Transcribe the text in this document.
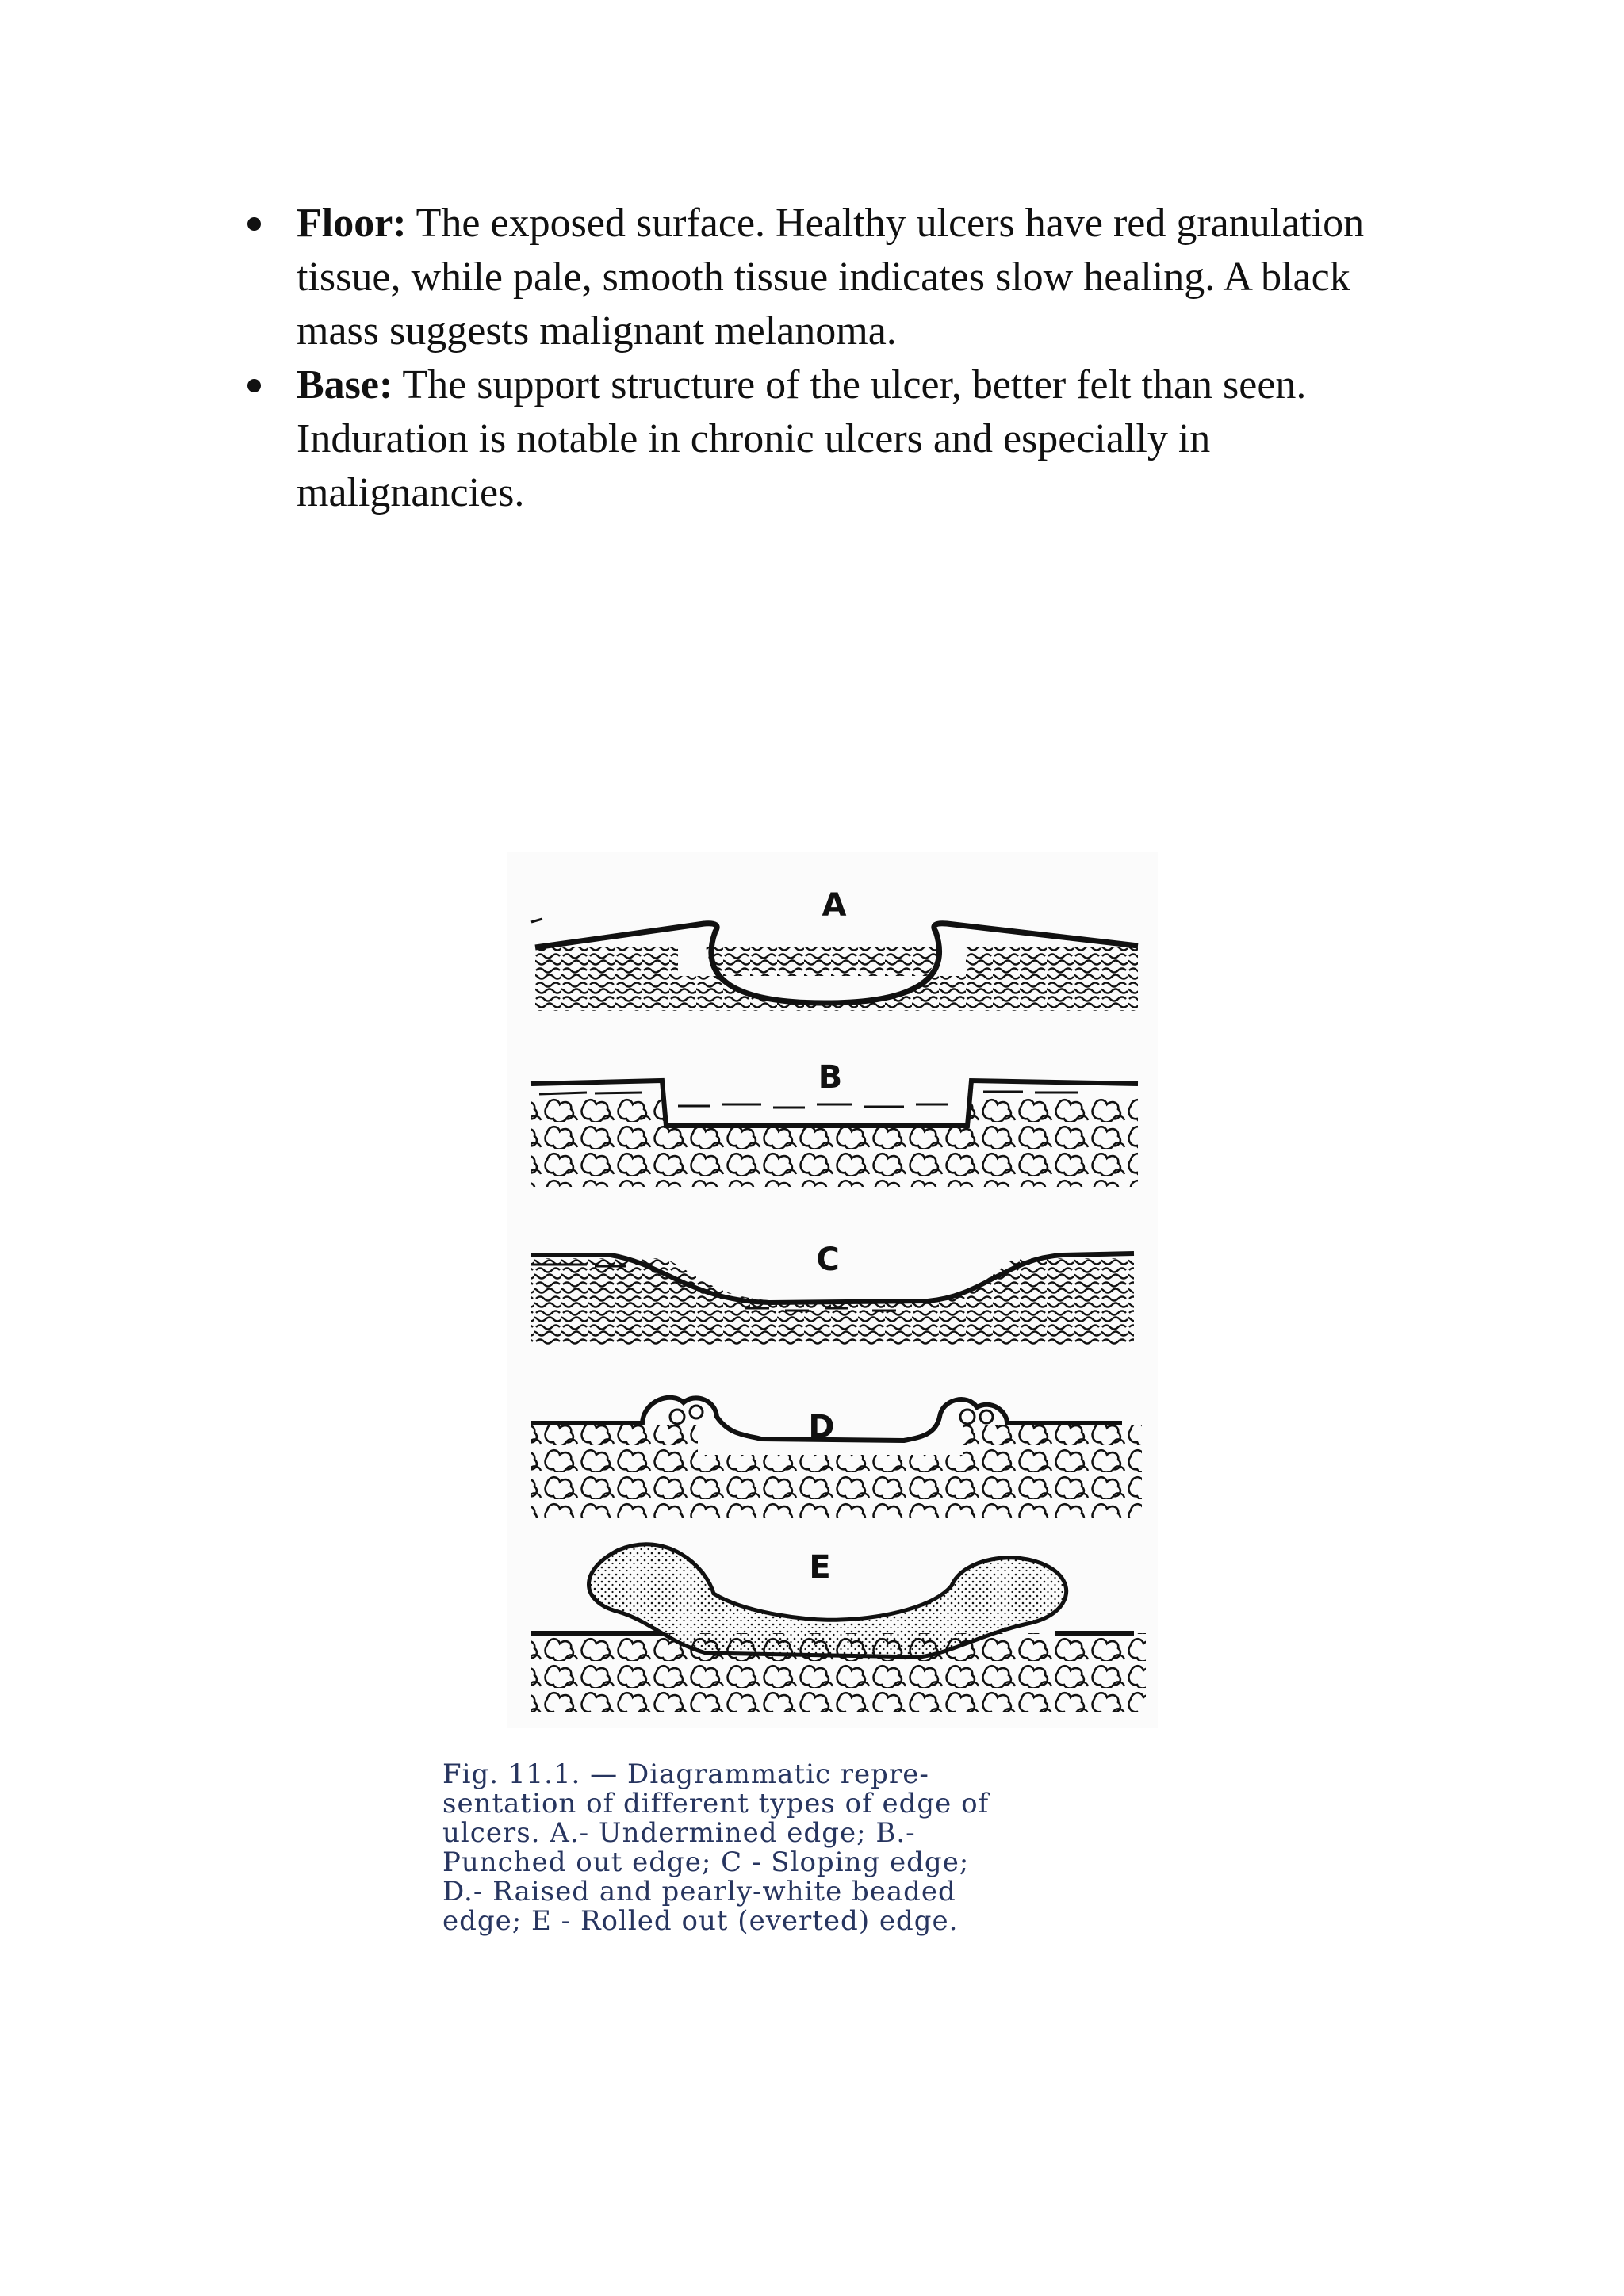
Floor: The exposed surface. Healthy ulcers have red granulation
tissue, while pale, smooth tissue indicates slow healing. A black
mass suggests malignant melanoma.
Base: The support structure of the ulcer, better felt than seen.
Induration is notable in chronic ulcers and especially in
malignancies.
A
B
C
D
E
Fig. 11.1. — Diagrammatic repre-
sentation of different types of edge of
ulcers. A.- Undermined edge; B.-
Punched out edge; C - Sloping edge;
D.- Raised and pearly-white beaded
edge; E - Rolled out (everted) edge.
